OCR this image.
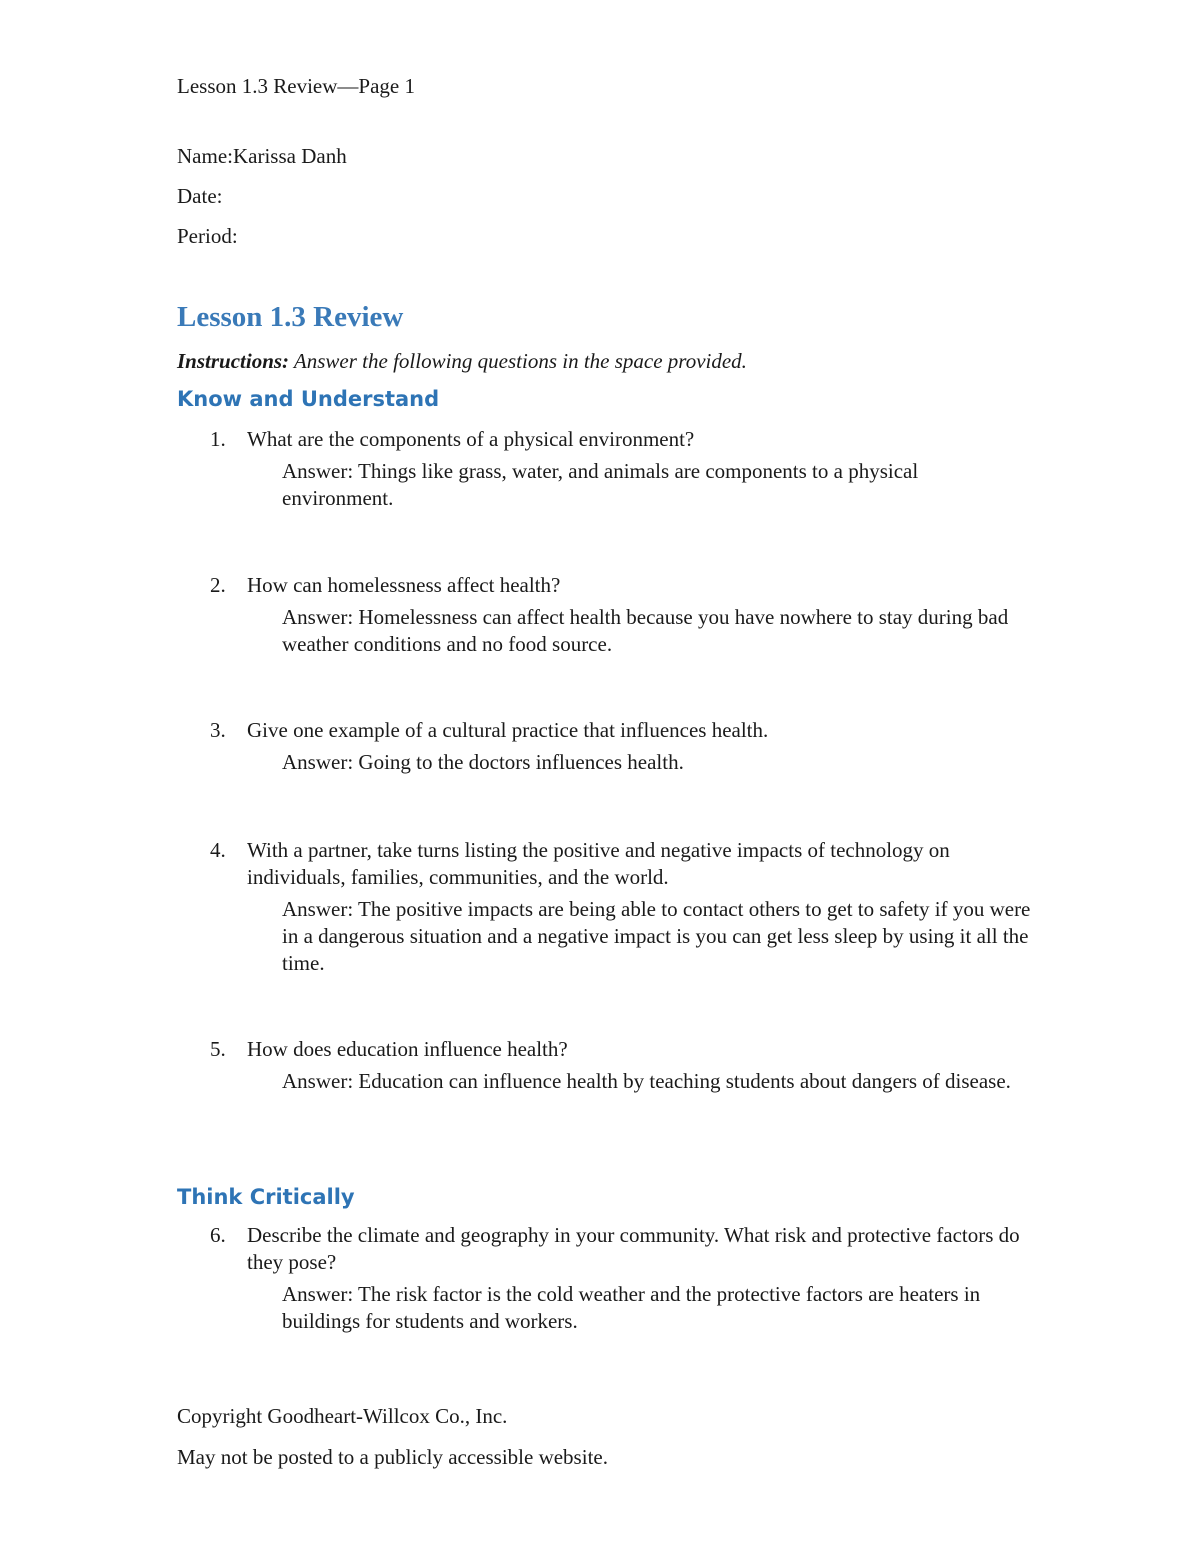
Lesson 1.3 Review—Page 1
Name:Karissa Danh
Date:
Period:
Lesson 1.3 Review
Instructions: Answer the following questions in the space provided.
Know and Understand
1.	What are the components of a physical environment?
Answer: Things like grass, water, and animals are components to a physical environment.
2.	How can homelessness affect health?
Answer: Homelessness can affect health because you have nowhere to stay during bad weather conditions and no food source.
3.	Give one example of a cultural practice that influences health.
Answer: Going to the doctors influences health.
4.	With a partner, take turns listing the positive and negative impacts of technology on individuals, families, communities, and the world.
Answer: The positive impacts are being able to contact others to get to safety if you were in a dangerous situation and a negative impact is you can get less sleep by using it all the time.
5.	How does education influence health?
Answer: Education can influence health by teaching students about dangers of disease.
Think Critically
6.	Describe the climate and geography in your community. What risk and protective factors do they pose?
Answer: The risk factor is the cold weather and the protective factors are heaters in buildings for students and workers.
Copyright Goodheart-Willcox Co., Inc.
May not be posted to a publicly accessible website.
